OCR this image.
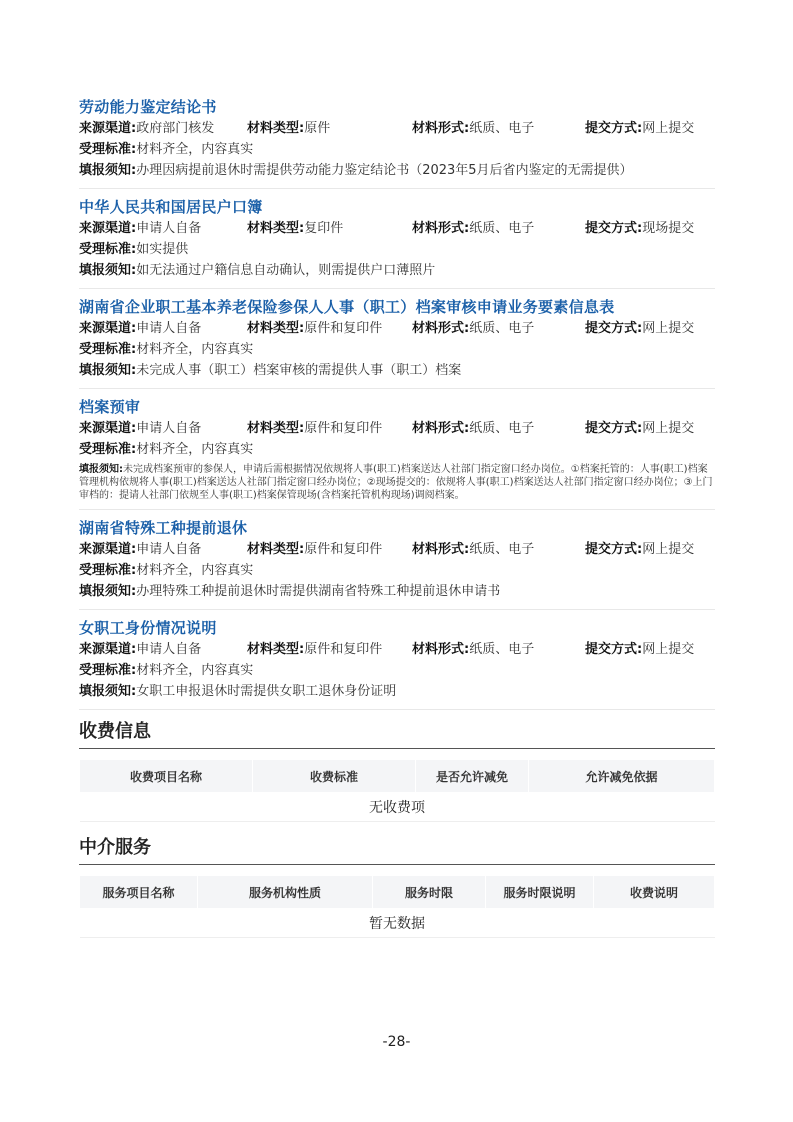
劳动能力鉴定结论书
来源渠道:政府部门核发	材料类型:原件	材料形式:纸质、电子	提交方式:网上提交
受理标准:材料齐全，内容真实
填报须知:办理因病提前退休时需提供劳动能力鉴定结论书（2023年5月后省内鉴定的无需提供）
中华人民共和国居民户口簿
来源渠道:申请人自备	材料类型:复印件	材料形式:纸质、电子	提交方式:现场提交
受理标准:如实提供
填报须知:如无法通过户籍信息自动确认，则需提供户口薄照片
湖南省企业职工基本养老保险参保人人事（职工）档案审核申请业务要素信息表
来源渠道:申请人自备	材料类型:原件和复印件 材料形式:纸质、电子	提交方式:网上提交
受理标准:材料齐全，内容真实
填报须知:未完成人事（职工）档案审核的需提供人事（职工）档案
档案预审
来源渠道:申请人自备	材料类型:原件和复印件 材料形式:纸质、电子	提交方式:网上提交
受理标准:材料齐全，内容真实
填报须知:未完成档案预审的参保人，申请后需根据情况依规将人事(职工)档案送达人社部门指定窗口经办岗位。①档案托管的：人事(职工)档案管理机构依规将人事(职工)档案送达人社部门指定窗口经办岗位；②现场提交的：依规将人事(职工)档案送达人社部门指定窗口经办岗位；③上门审档的：提请人社部门依规至人事(职工)档案保管现场(含档案托管机构现场)调阅档案。
湖南省特殊工种提前退休
来源渠道:申请人自备	材料类型:原件和复印件 材料形式:纸质、电子	提交方式:网上提交
受理标准:材料齐全，内容真实
填报须知:办理特殊工种提前退休时需提供湖南省特殊工种提前退休申请书
女职工身份情况说明
来源渠道:申请人自备	材料类型:原件和复印件 材料形式:纸质、电子	提交方式:网上提交
受理标准:材料齐全，内容真实
填报须知:女职工申报退休时需提供女职工退休身份证明
收费信息
收费项目名称	收费标准	是否允许减免	允许减免依据
无收费项
中介服务
服务项目名称	服务机构性质	服务时限	服务时限说明	收费说明
暂无数据
-28-
